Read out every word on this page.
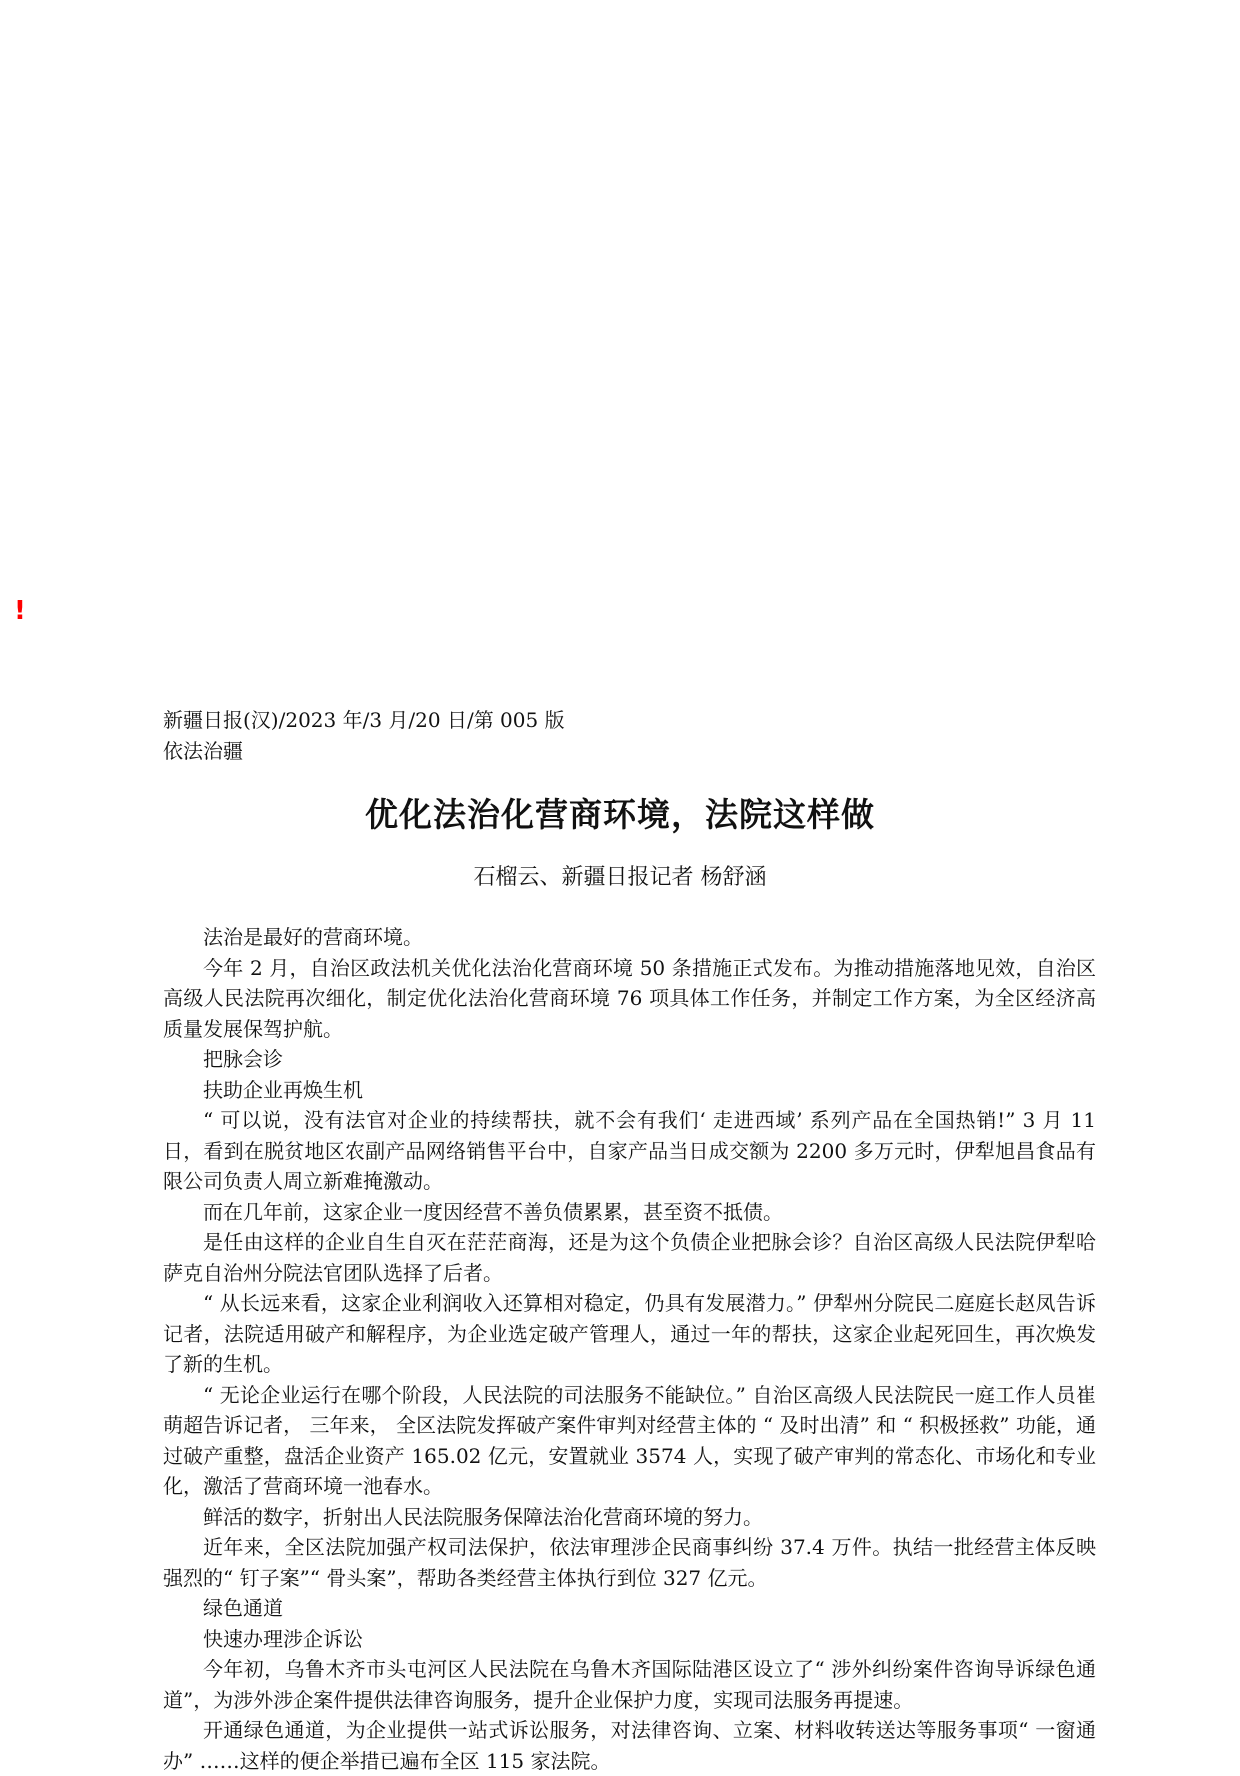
!
新疆日报(汉)/2023 年/3 月/20 日/第 005 版依法治疆
优化法治化营商环境，法院这样做
石榴云、新疆日报记者 杨舒涵

法治是最好的营商环境。

今年 2 月，自治区政法机关优化法治化营商环境 50 条措施正式发布。为推动措施落地见效，自治区高级人民法院再次细化，制定优化法治化营商环境 76 项具体工作任务，并制定工作方案，为全区经济高质量发展保驾护航。

把脉会诊

扶助企业再焕生机

“ 可以说，没有法官对企业的持续帮扶，就不会有我们‘ 走进西域’ 系列产品在全国热销!” 3 月 11 日，看到在脱贫地区农副产品网络销售平台中，自家产品当日成交额为 2200 多万元时，伊犁旭昌食品有限公司负责人周立新难掩激动。

而在几年前，这家企业一度因经营不善负债累累，甚至资不抵债。

是任由这样的企业自生自灭在茫茫商海，还是为这个负债企业把脉会诊？自治区高级人民法院伊犁哈萨克自治州分院法官团队选择了后者。

“ 从长远来看，这家企业利润收入还算相对稳定，仍具有发展潜力。” 伊犁州分院民二庭庭长赵凤告诉记者，法院适用破产和解程序，为企业选定破产管理人，通过一年的帮扶，这家企业起死回生，再次焕发了新的生机。

“ 无论企业运行在哪个阶段，人民法院的司法服务不能缺位。” 自治区高级人民法院民一庭工作人员崔萌超告诉记者， 三年来， 全区法院发挥破产案件审判对经营主体的 “ 及时出清” 和 “ 积极拯救” 功能，通过破产重整，盘活企业资产 165.02 亿元，安置就业 3574 人，实现了破产审判的常态化、市场化和专业化，激活了营商环境一池春水。

鲜活的数字，折射出人民法院服务保障法治化营商环境的努力。

近年来，全区法院加强产权司法保护，依法审理涉企民商事纠纷 37.4 万件。执结一批经营主体反映强烈的“ 钉子案”“ 骨头案”，帮助各类经营主体执行到位 327 亿元。

绿色通道

快速办理涉企诉讼

今年初，乌鲁木齐市头屯河区人民法院在乌鲁木齐国际陆港区设立了“ 涉外纠纷案件咨询导诉绿色通道”，为涉外涉企案件提供法律咨询服务，提升企业保护力度，实现司法服务再提速。

开通绿色通道，为企业提供一站式诉讼服务，对法律咨询、立案、材料收转送达等服务事项“ 一窗通办” ……这样的便企举措已遍布全区 115 家法院。
